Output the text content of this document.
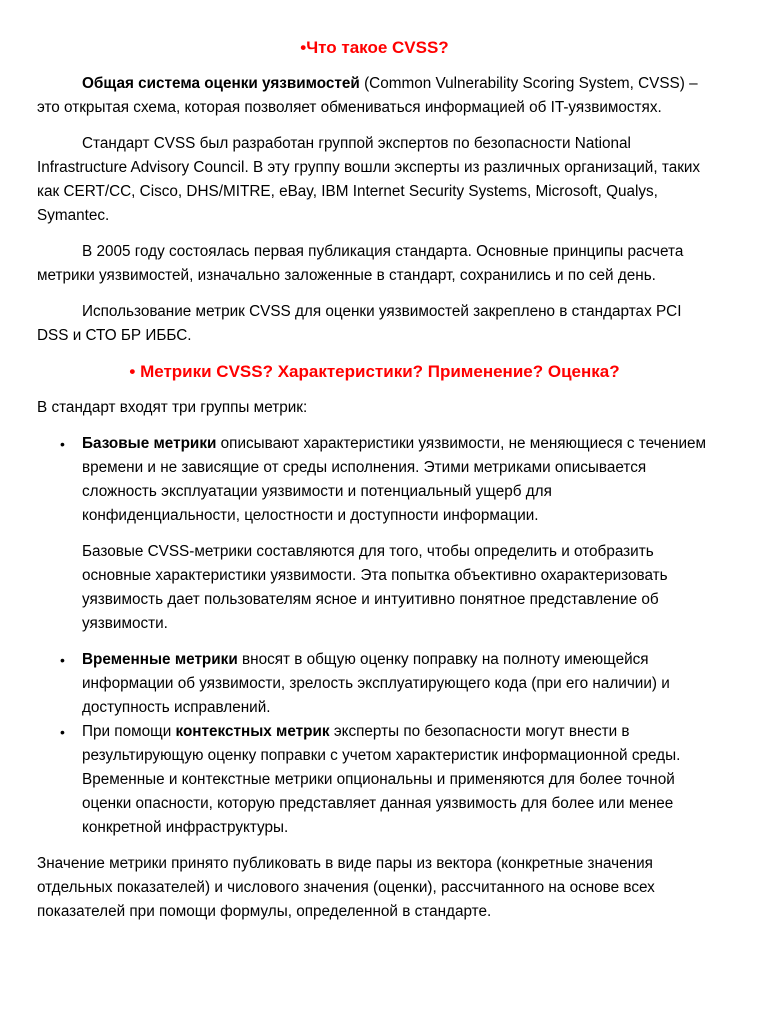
•Что такое CVSS?

Общая система оценки уязвимостей (Common Vulnerability Scoring System, CVSS) – это открытая схема, которая позволяет обмениваться информацией об IT-уязвимостях.

Стандарт CVSS был разработан группой экспертов по безопасности National Infrastructure Advisory Council. В эту группу вошли эксперты из различных организаций, таких как CERT/CC, Cisco, DHS/MITRE, eBay, IBM Internet Security Systems, Microsoft, Qualys, Symantec.

В 2005 году состоялась первая публикация стандарта. Основные принципы расчета метрики уязвимостей, изначально заложенные в стандарт, сохранились и по сей день.

Использование метрик CVSS для оценки уязвимостей закреплено в стандартах PCI DSS и СТО БР ИББС.

• Метрики CVSS? Характеристики? Применение? Оценка?

В стандарт входят три группы метрик:

• Базовые метрики описывают характеристики уязвимости, не меняющиеся с течением времени и не зависящие от среды исполнения. Этими метриками описывается сложность эксплуатации уязвимости и потенциальный ущерб для конфиденциальности, целостности и доступности информации.

Базовые CVSS-метрики составляются для того, чтобы определить и отобразить основные характеристики уязвимости. Эта попытка объективно охарактеризовать уязвимость дает пользователям ясное и интуитивно понятное представление об уязвимости.

• Временные метрики вносят в общую оценку поправку на полноту имеющейся информации об уязвимости, зрелость эксплуатирующего кода (при его наличии) и доступность исправлений.

• При помощи контекстных метрик эксперты по безопасности могут внести в результирующую оценку поправки с учетом характеристик информационной среды.

Временные и контекстные метрики опциональны и применяются для более точной оценки опасности, которую представляет данная уязвимость для более или менее конкретной инфраструктуры.

Значение метрики принято публиковать в виде пары из вектора (конкретные значения отдельных показателей) и числового значения (оценки), рассчитанного на основе всех показателей при помощи формулы, определенной в стандарте.
